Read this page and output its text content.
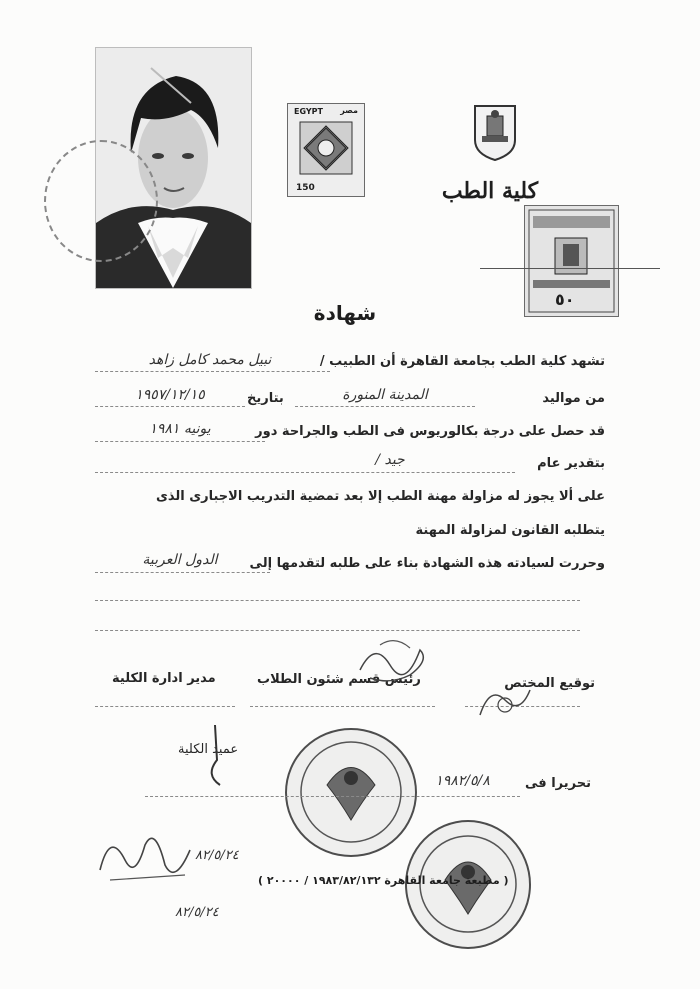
EGYPT مصر
150	كلية الطب
٥٠
شهادة
تشهد كلية الطب بجامعة القاهرة أن الطبيب /
نبيل محمد كامل زاهد
من مواليد
المدينة المنورة
بتاريخ
١٩٥٧/١٢/١٥
قد حصل على درجة بكالوريوس فى الطب والجراحة دور
يونيه ١٩٨١
بتقدير عام
جيد /
على ألا يجوز له مزاولة مهنة الطب إلا بعد تمضية التدريب الاجبارى الذى
يتطلبه القانون لمزاولة المهنة
وحررت لسيادته هذه الشهادة بناء على طلبه لتقدمها إلى
الدول العربية
توقيع المختص
رئيس قسم شئون الطلاب
مدير ادارة الكلية
عميد الكلية
تحريرا فى
١٩٨٢/٥/٨
٨٢/٥/٢٤
٨٢/٥/٢٤
( مطبعة جامعة القاهرة ١٩٨٣/٨٢/١٣٢ / ٢٠٠٠٠ )
